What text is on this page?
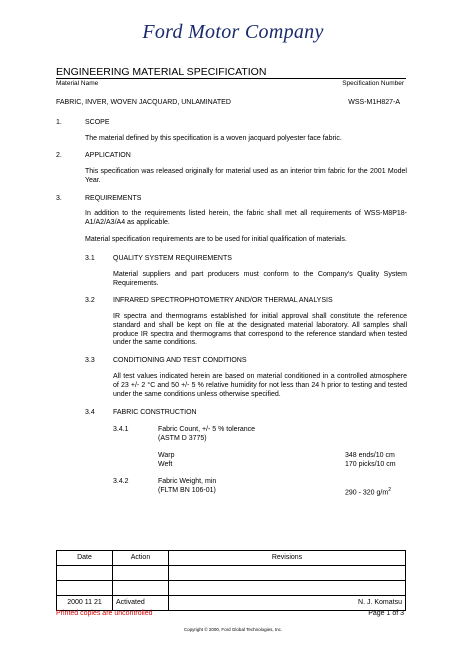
Ford Motor Company
ENGINEERING MATERIAL SPECIFICATION
Material Name	Specification Number
FABRIC, INVER, WOVEN JACQUARD, UNLAMINATED	WSS-M1H827-A
1.	SCOPE
The material defined by this specification is a woven jacquard polyester face fabric.
2.	APPLICATION
This specification was released originally for material used as an interior trim fabric for the 2001 Model Year.
3.	REQUIREMENTS
In addition to the requirements listed herein, the fabric shall met all requirements of WSS-M8P18-A1/A2/A3/A4 as applicable.
Material specification requirements are to be used for initial qualification of materials.
3.1	QUALITY SYSTEM REQUIREMENTS
Material suppliers and part producers must conform to the Company's Quality System Requirements.
3.2	INFRARED SPECTROPHOTOMETRY AND/OR THERMAL ANALYSIS
IR spectra and thermograms established for initial approval shall constitute the reference standard and shall be kept on file at the designated material laboratory. All samples shall produce IR spectra and thermograms that correspond to the reference standard when tested under the same conditions.
3.3	CONDITIONING AND TEST CONDITIONS
All test values indicated herein are based on material conditioned in a controlled atmosphere of 23 +/- 2 °C and 50 +/- 5 % relative humidity for not less than 24 h prior to testing and tested under the same conditions unless otherwise specified.
3.4	FABRIC CONSTRUCTION
3.4.1	Fabric Count, +/- 5 % tolerance
(ASTM D 3775)
Warp	348 ends/10 cm
Weft	170 picks/10 cm
3.4.2	Fabric Weight, min
(FLTM BN 106-01)	290 - 320 $g/m^2$
Date	Action	Revisions

2000 11 21	Activated	N. J. Komatsu
Printed copies are uncontrolled	Page 1 of 3
Copyright © 2000, Ford Global Technologies, Inc.
